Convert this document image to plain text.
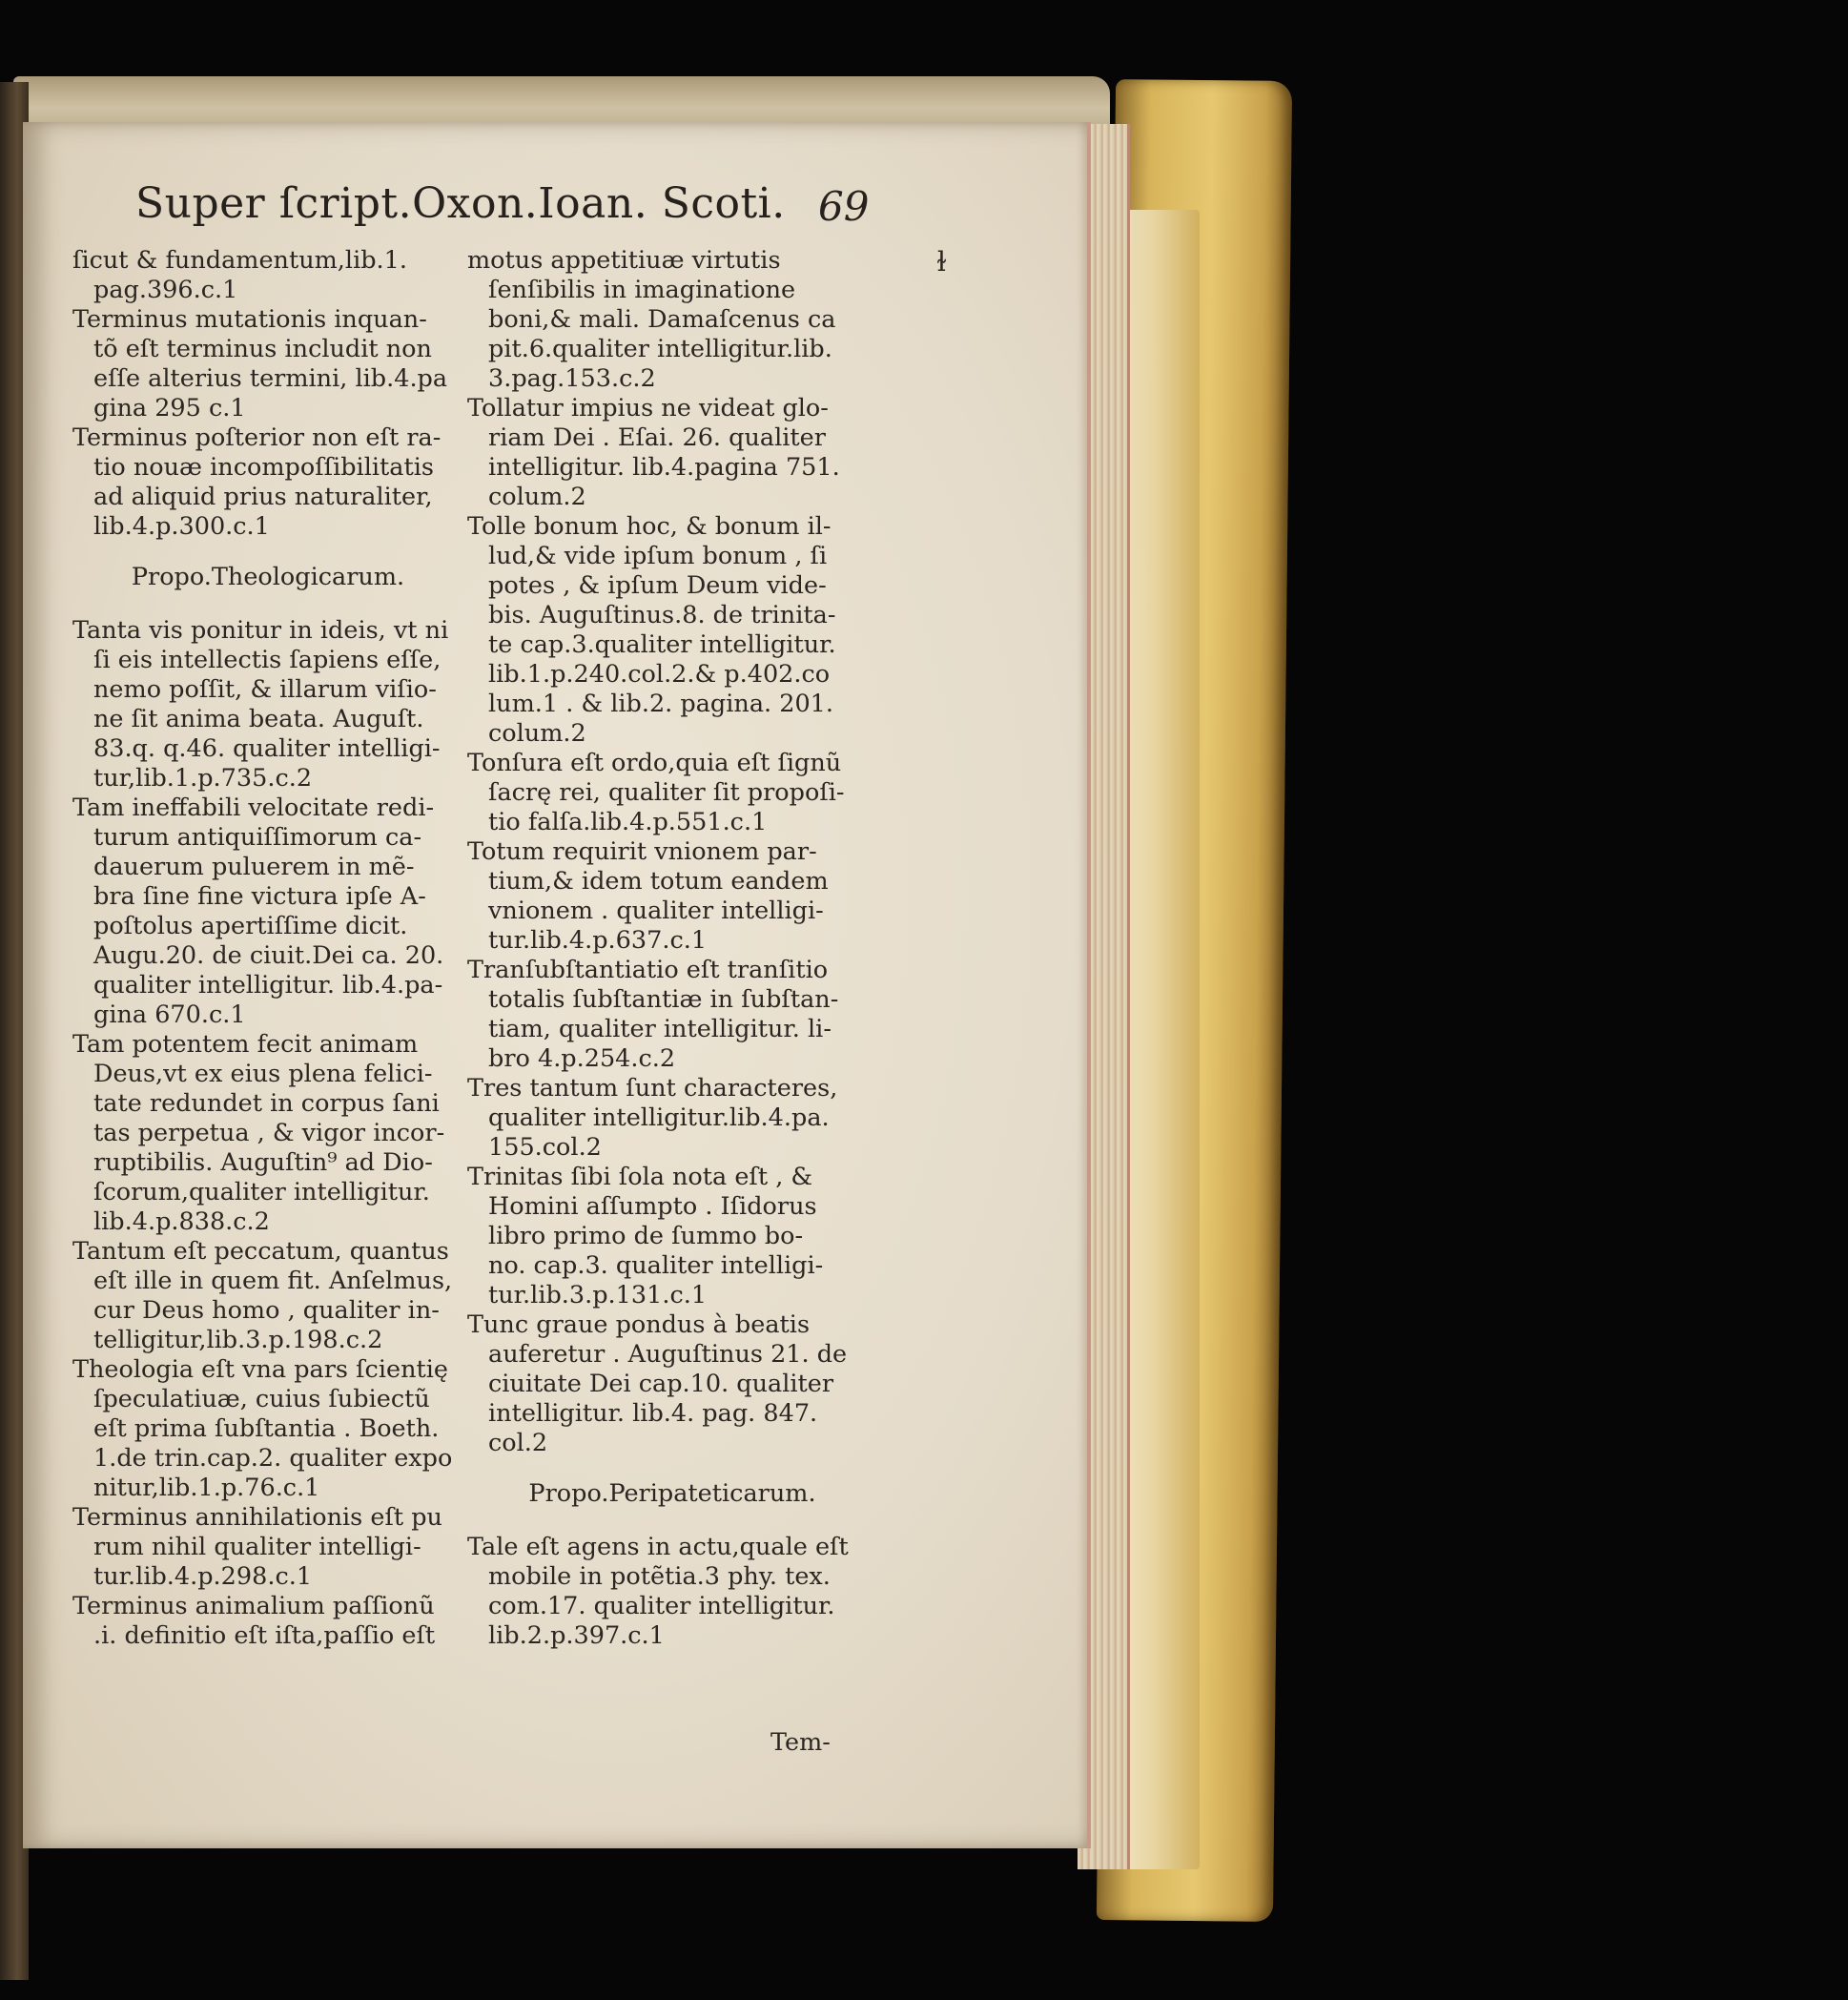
Super ſcript.Oxon.Ioan. Scoti. 69
ɫ

ſicut & fundamentum,lib.1.
pag.396.c.1

Terminus mutationis inquan-
tõ eſt terminus includit non
eſſe alterius termini, lib.4.pa
gina 295 c.1

Terminus poſterior non eſt ra-
tio nouæ incompoſſibilitatis
ad aliquid prius naturaliter,
lib.4.p.300.c.1

Propo.Theologicarum.

Tanta vis ponitur in ideis, vt ni
ſi eis intellectis ſapiens eſſe,
nemo poſſit, & illarum viſio-
ne ſit anima beata. Auguſt.
83.q. q.46. qualiter intelligi-
tur,lib.1.p.735.c.2

Tam ineffabili velocitate redi-
turum antiquiſſimorum ca-
dauerum puluerem in mẽ-
bra ſine fine victura ipſe A-
poſtolus apertiſſime dicit.
Augu.20. de ciuit.Dei ca. 20.
qualiter intelligitur. lib.4.pa-
gina 670.c.1

Tam potentem fecit animam
Deus,vt ex eius plena felici-
tate redundet in corpus ſani
tas perpetua , & vigor incor-
ruptibilis. Auguſtin⁹ ad Dio-
ſcorum,qualiter intelligitur.
lib.4.p.838.c.2

Tantum eſt peccatum, quantus
eſt ille in quem fit. Anſelmus,
cur Deus homo , qualiter in-
telligitur,lib.3.p.198.c.2

Theologia eſt vna pars ſcientię
ſpeculatiuæ, cuius ſubiectũ
eſt prima ſubſtantia . Boeth.
1.de trin.cap.2. qualiter expo
nitur,lib.1.p.76.c.1

Terminus annihilationis eſt pu
rum nihil qualiter intelligi-
tur.lib.4.p.298.c.1

Terminus animalium paſſionũ
.i. definitio eſt iſta,paſſio eſt

motus appetitiuæ virtutis
ſenſibilis in imaginatione
boni,& mali. Damaſcenus ca
pit.6.qualiter intelligitur.lib.
3.pag.153.c.2

Tollatur impius ne videat glo-
riam Dei . Eſai. 26. qualiter
intelligitur. lib.4.pagina 751.
colum.2

Tolle bonum hoc, & bonum il-
lud,& vide ipſum bonum , ſi
potes , & ipſum Deum vide-
bis. Auguſtinus.8. de trinita-
te cap.3.qualiter intelligitur.
lib.1.p.240.col.2.& p.402.co
lum.1 . & lib.2. pagina. 201.
colum.2

Tonſura eſt ordo,quia eſt ſignũ
ſacrę rei, qualiter ſit propoſi-
tio falſa.lib.4.p.551.c.1

Totum requirit vnionem par-
tium,& idem totum eandem
vnionem . qualiter intelligi-
tur.lib.4.p.637.c.1

Tranſubſtantiatio eſt tranſitio
totalis ſubſtantiæ in ſubſtan-
tiam, qualiter intelligitur. li-
bro 4.p.254.c.2

Tres tantum ſunt characteres,
qualiter intelligitur.lib.4.pa.
155.col.2

Trinitas ſibi ſola nota eſt , &
Homini aſſumpto . Iſidorus
libro primo de ſummo bo-
no. cap.3. qualiter intelligi-
tur.lib.3.p.131.c.1

Tunc graue pondus à beatis
auferetur . Auguſtinus 21. de
ciuitate Dei cap.10. qualiter
intelligitur. lib.4. pag. 847.
col.2

Propo.Peripateticarum.

Tale eſt agens in actu,quale eſt
mobile in potẽtia.3 phy. tex.
com.17. qualiter intelligitur.
lib.2.p.397.c.1

Tem-
